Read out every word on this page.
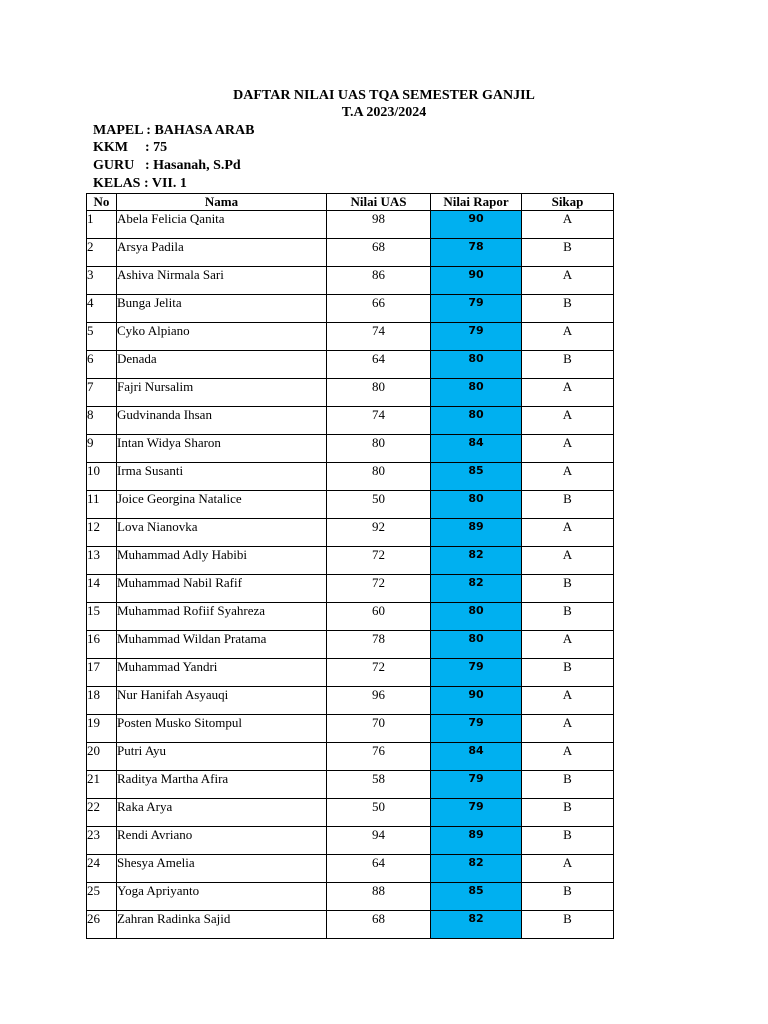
DAFTAR NILAI UAS TQA SEMESTER GANJIL
T.A 2023/2024
MAPEL : BAHASA ARAB
KKM : 75
GURU : Hasanah, S.Pd
KELAS : VII. 1
No	Nama	Nilai UAS	Nilai Rapor	Sikap
1	Abela Felicia Qanita	98	90	A
2	Arsya Padila	68	78	B
3	Ashiva Nirmala Sari	86	90	A
4	Bunga Jelita	66	79	B
5	Cyko Alpiano	74	79	A
6	Denada	64	80	B
7	Fajri Nursalim	80	80	A
8	Gudvinanda Ihsan	74	80	A
9	Intan Widya Sharon	80	84	A
10	Irma Susanti	80	85	A
11	Joice Georgina Natalice	50	80	B
12	Lova Nianovka	92	89	A
13	Muhammad Adly Habibi	72	82	A
14	Muhammad Nabil Rafif	72	82	B
15	Muhammad Rofiif Syahreza	60	80	B
16	Muhammad Wildan Pratama	78	80	A
17	Muhammad Yandri	72	79	B
18	Nur Hanifah Asyauqi	96	90	A
19	Posten Musko Sitompul	70	79	A
20	Putri Ayu	76	84	A
21	Raditya Martha Afira	58	79	B
22	Raka Arya	50	79	B
23	Rendi Avriano	94	89	B
24	Shesya Amelia	64	82	A
25	Yoga Apriyanto	88	85	B
26	Zahran Radinka Sajid	68	82	B
